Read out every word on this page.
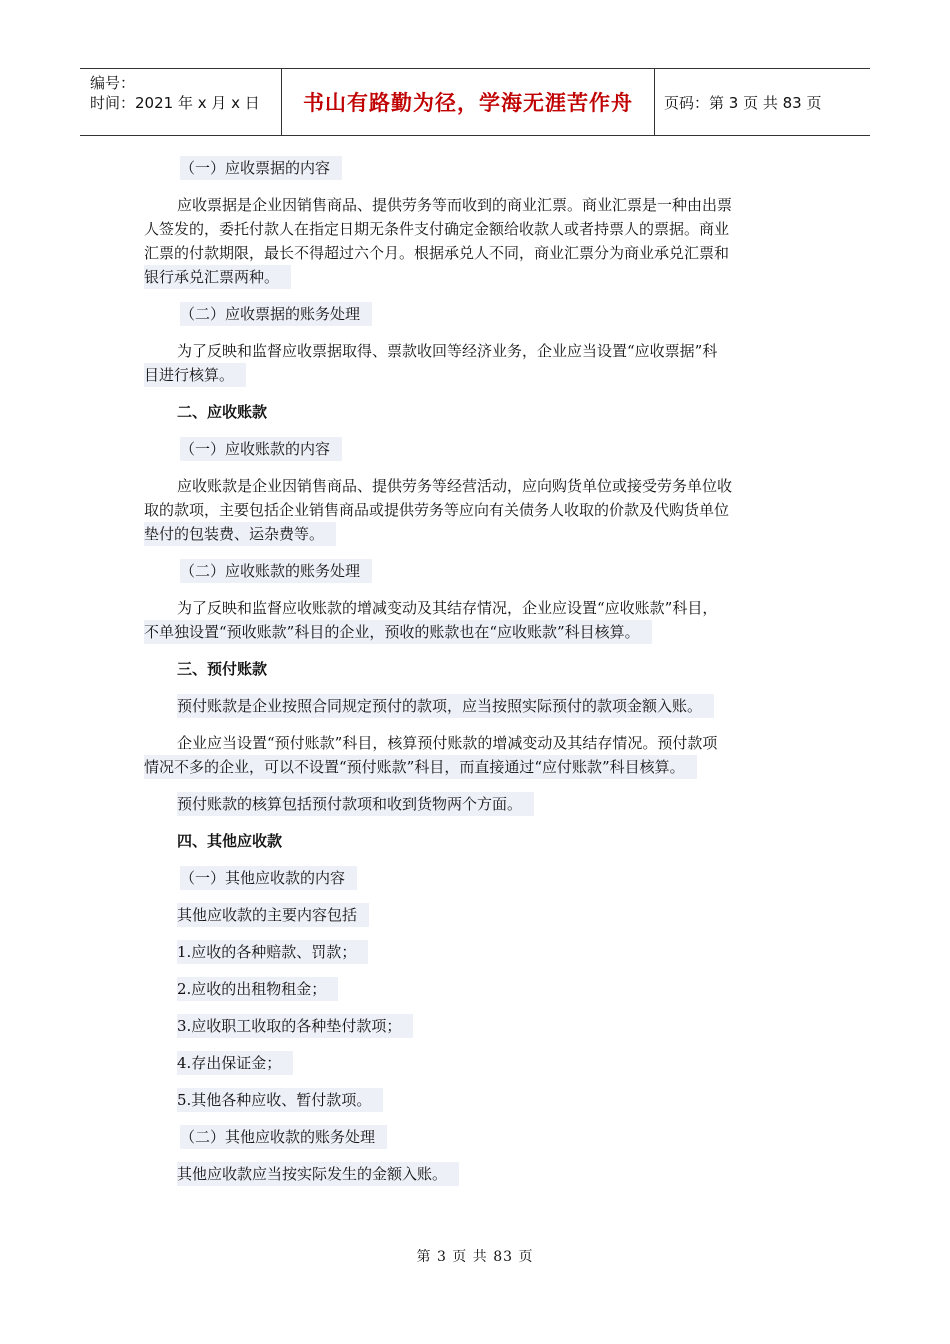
编号：
时间：2021 年 x 月 x 日	书山有路勤为径，学海无涯苦作舟	页码：第 3 页 共 83 页

（一）应收票据的内容

应收票据是企业因销售商品、提供劳务等而收到的商业汇票。商业汇票是一种由出票

人签发的，委托付款人在指定日期无条件支付确定金额给收款人或者持票人的票据。商业

汇票的付款期限，最长不得超过六个月。根据承兑人不同，商业汇票分为商业承兑汇票和

银行承兑汇票两种。

（二）应收票据的账务处理

为了反映和监督应收票据取得、票款收回等经济业务，企业应当设置“应收票据”科

目进行核算。

二、应收账款

（一）应收账款的内容

应收账款是企业因销售商品、提供劳务等经营活动，应向购货单位或接受劳务单位收

取的款项，主要包括企业销售商品或提供劳务等应向有关债务人收取的价款及代购货单位

垫付的包装费、运杂费等。

（二）应收账款的账务处理

为了反映和监督应收账款的增减变动及其结存情况，企业应设置“应收账款”科目，

不单独设置“预收账款”科目的企业，预收的账款也在“应收账款”科目核算。

三、预付账款

预付账款是企业按照合同规定预付的款项，应当按照实际预付的款项金额入账。

企业应当设置“预付账款”科目，核算预付账款的增减变动及其结存情况。预付款项

情况不多的企业，可以不设置“预付账款”科目，而直接通过“应付账款”科目核算。

预付账款的核算包括预付款项和收到货物两个方面。

四、其他应收款

（一）其他应收款的内容

其他应收款的主要内容包括

1.应收的各种赔款、罚款；

2.应收的出租物租金；

3.应收职工收取的各种垫付款项；

4.存出保证金；

5.其他各种应收、暂付款项。

（二）其他应收款的账务处理

其他应收款应当按实际发生的金额入账。

第 3 页 共 83 页
